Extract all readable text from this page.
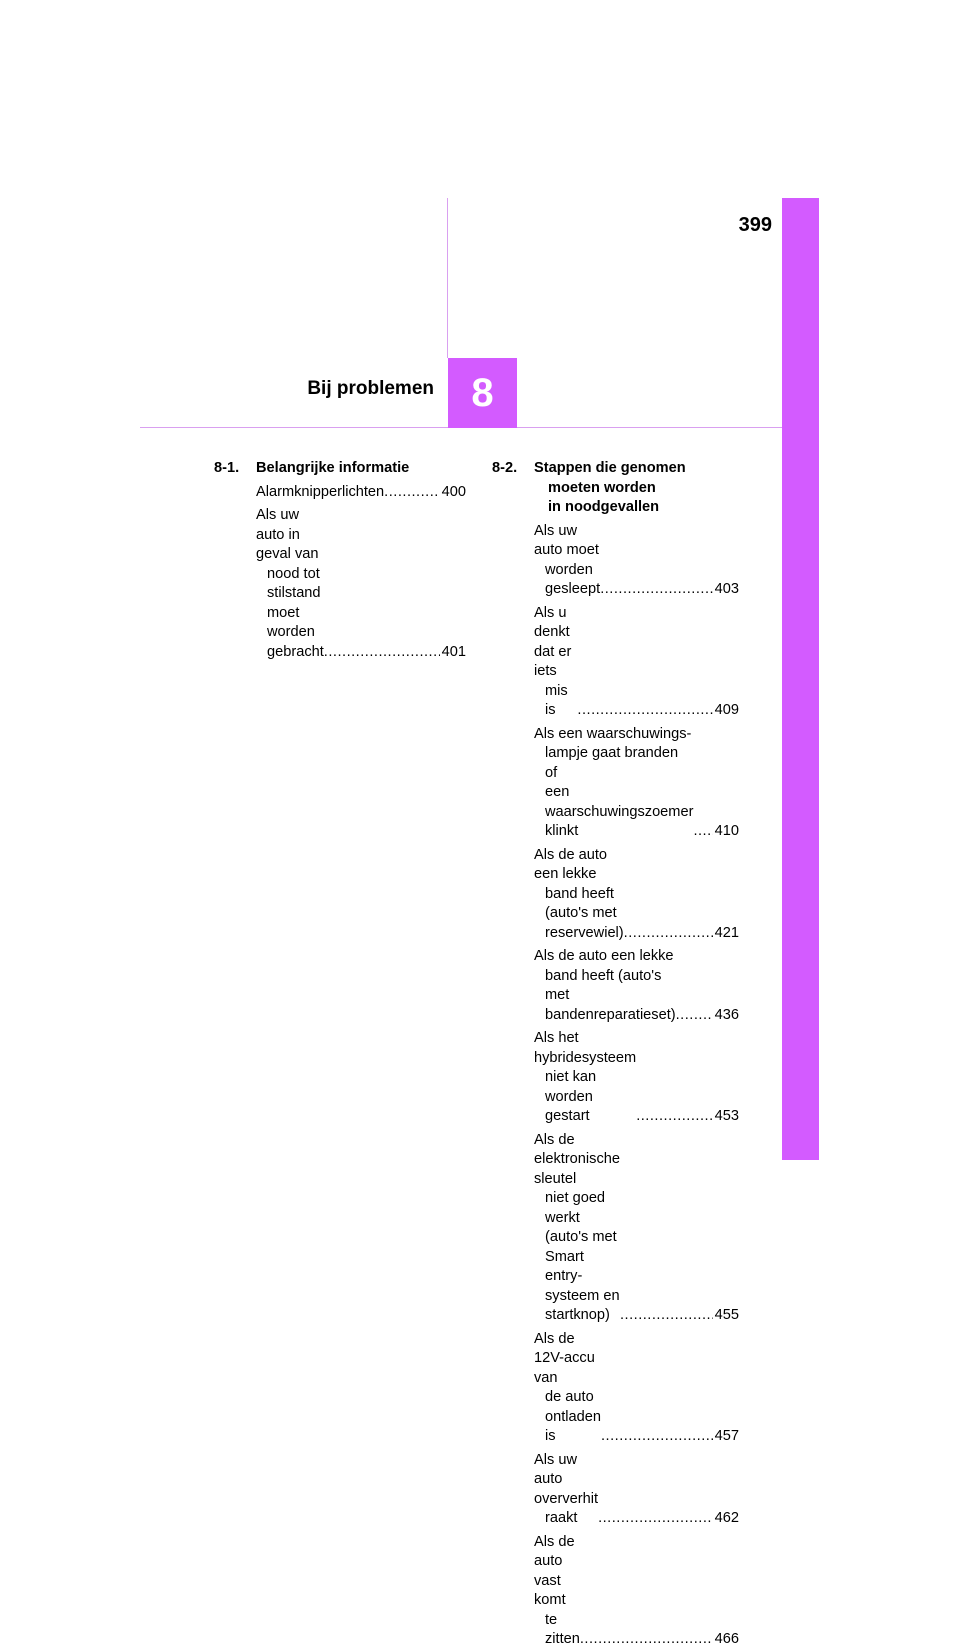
399
8
Bij problemen
8-1.	Belangrijke informatie
Alarmknipperlichten .....	400
Als uw auto in geval van
nood tot stilstand
moet worden gebracht .....	401
8-2.	Stappen die genomen
moeten worden
in noodgevallen
Als uw auto moet
worden gesleept .....	403
Als u denkt dat er iets
mis is .....	409
Als een waarschuwings-
lampje gaat branden of
een waarschuwingszoemer
klinkt .....	410
Als de auto een lekke
band heeft (auto's met
reservewiel) .....	421
Als de auto een lekke
band heeft (auto's met
bandenreparatieset) .....	436
Als het hybridesysteem
niet kan worden gestart .....	453
Als de elektronische sleutel
niet goed werkt
(auto's met Smart
entry-systeem en
startknop) .....	455
Als de 12V-accu van
de auto ontladen is .....	457
Als uw auto oververhit
raakt .....	462
Als de auto vast komt
te zitten .....	466
